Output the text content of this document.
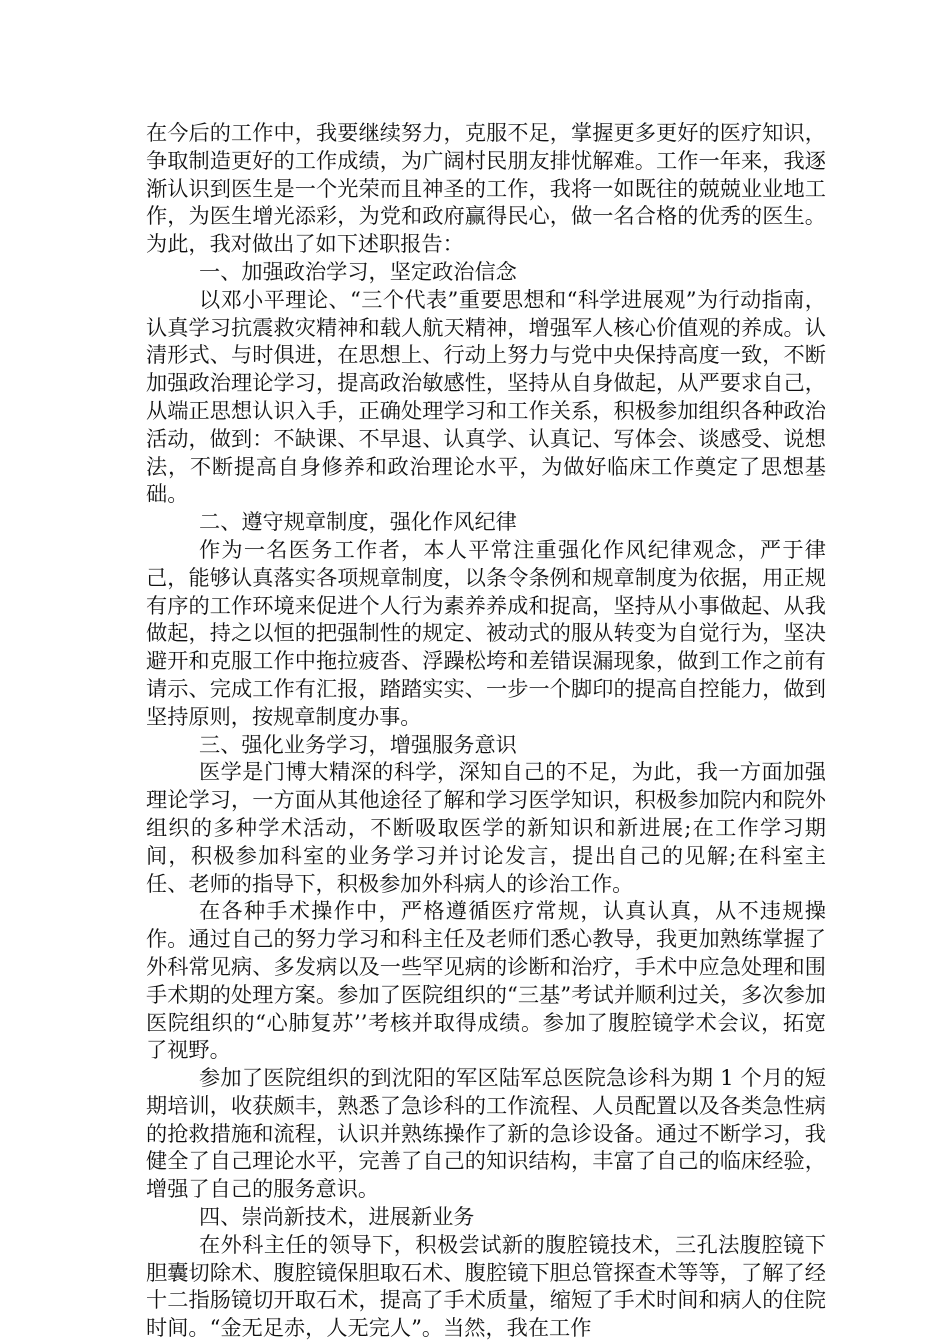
在今后的工作中，我要继续努力，克服不足，掌握更多更好的医疗知识，争取制造更好的工作成绩，为广阔村民朋友排忧解难。工作一年来，我逐渐认识到医生是一个光荣而且神圣的工作，我将一如既往的兢兢业业地工作，为医生增光添彩，为党和政府赢得民心，做一名合格的优秀的医生。为此，我对做出了如下述职报告：

一、加强政治学习，坚定政治信念

以邓小平理论、“三个代表”重要思想和“科学进展观”为行动指南，认真学习抗震救灾精神和载人航天精神，增强军人核心价值观的养成。认清形式、与时俱进，在思想上、行动上努力与党中央保持高度一致，不断加强政治理论学习，提高政治敏感性，坚持从自身做起，从严要求自己，从端正思想认识入手，正确处理学习和工作关系，积极参加组织各种政治活动，做到：不缺课、不早退、认真学、认真记、写体会、谈感受、说想法，不断提高自身修养和政治理论水平，为做好临床工作奠定了思想基础。

二、遵守规章制度，强化作风纪律

作为一名医务工作者，本人平常注重强化作风纪律观念，严于律己，能够认真落实各项规章制度，以条令条例和规章制度为依据，用正规有序的工作环境来促进个人行为素养养成和捉高，坚持从小事做起、从我做起，持之以恒的把强制性的规定、被动式的服从转变为自觉行为，坚决避开和克服工作中拖拉疲沓、浮躁松垮和差错误漏现象，做到工作之前有请示、完成工作有汇报，踏踏实实、一步一个脚印的提高自控能力，做到坚持原则，按规章制度办事。

三、强化业务学习，增强服务意识

医学是门博大精深的科学，深知自己的不足，为此，我一方面加强理论学习，一方面从其他途径了解和学习医学知识，积极参加院内和院外组织的多种学术活动，不断吸取医学的新知识和新进展;在工作学习期间，积极参加科室的业务学习并讨论发言，提出自己的见解;在科室主任、老师的指导下，积极参加外科病人的诊治工作。

在各种手术操作中，严格遵循医疗常规，认真认真，从不违规操作。通过自己的努力学习和科主任及老师们悉心教导，我更加熟练掌握了外科常见病、多发病以及一些罕见病的诊断和治疗，手术中应急处理和围手术期的处理方案。参加了医院组织的“三基”考试并顺利过关，多次参加医院组织的“心肺复苏’’考核并取得成绩。参加了腹腔镜学术会议，拓宽了视野。

参加了医院组织的到沈阳的军区陆军总医院急诊科为期 1 个月的短期培训，收获颇丰，熟悉了急诊科的工作流程、人员配置以及各类急性病的抢救措施和流程，认识并熟练操作了新的急诊设备。通过不断学习，我健全了自己理论水平，完善了自己的知识结构，丰富了自己的临床经验，增强了自己的服务意识。

四、崇尚新技术，进展新业务

在外科主任的领导下，积极尝试新的腹腔镜技术，三孔法腹腔镜下胆囊切除术、腹腔镜保胆取石术、腹腔镜下胆总管探查术等等，了解了经十二指肠镜切开取石术，提高了手术质量，缩短了手术时间和病人的住院时间。“金无足赤，人无完人”。当然，我在工作
